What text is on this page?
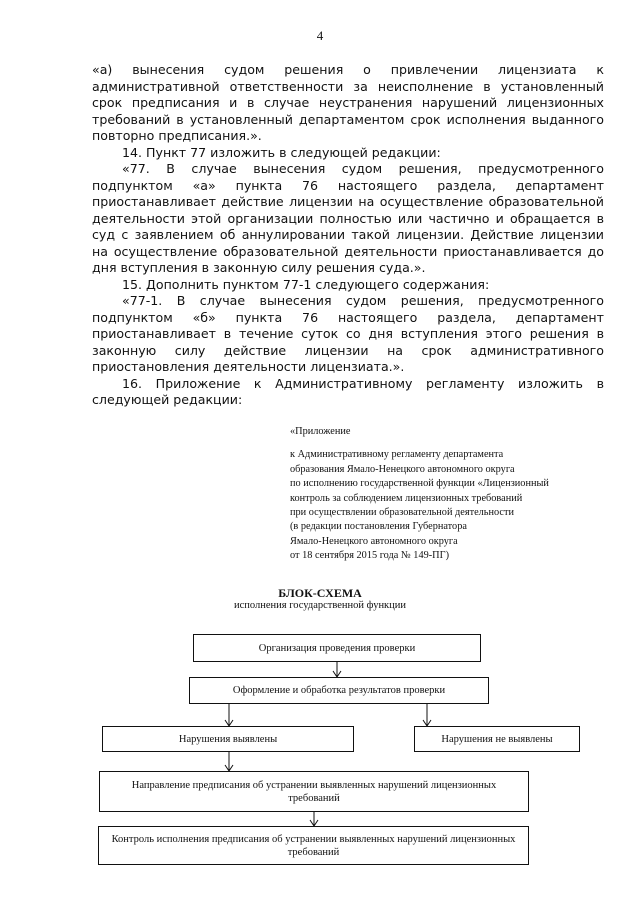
4

«а) вынесения судом решения о привлечении лицензиата к административной ответственности за неисполнение в установленный срок предписания и в случае неустранения нарушений лицензионных требований в установленный департаментом срок исполнения выданного повторно предписания.».

14. Пункт 77 изложить в следующей редакции:

«77. В случае вынесения судом решения, предусмотренного подпунктом «а» пункта 76 настоящего раздела, департамент приостанавливает действие лицензии на осуществление образовательной деятельности этой организации полностью или частично и обращается в суд с заявлением об аннулировании такой лицензии. Действие лицензии на осуществление образовательной деятельности приостанавливается до дня вступления в законную силу решения суда.».

15. Дополнить пунктом 77-1 следующего содержания:

«77-1. В случае вынесения судом решения, предусмотренного подпунктом «б» пункта 76 настоящего раздела, департамент приостанавливает в течение суток со дня вступления этого решения в законную силу действие лицензии на срок административного приостановления деятельности лицензиата.».

16. Приложение к Административному регламенту изложить в следующей редакции:

«Приложение
к Административному регламенту департамента
образования Ямало-Ненецкого автономного округа
по исполнению государственной функции «Лицензионный
контроль за соблюдением лицензионных требований
при осуществлении образовательной деятельности
(в редакции постановления Губернатора
Ямало-Ненецкого автономного округа
от 18 сентября 2015 года № 149-ПГ)
БЛОК-СХЕМА
исполнения государственной функции
Организация проведения проверки
Оформление и обработка результатов проверки
Нарушения выявлены	Нарушения не выявлены
Направление предписания об устранении выявленных нарушений лицензионных требований
Контроль исполнения предписания об устранении выявленных нарушений лицензионных требований
